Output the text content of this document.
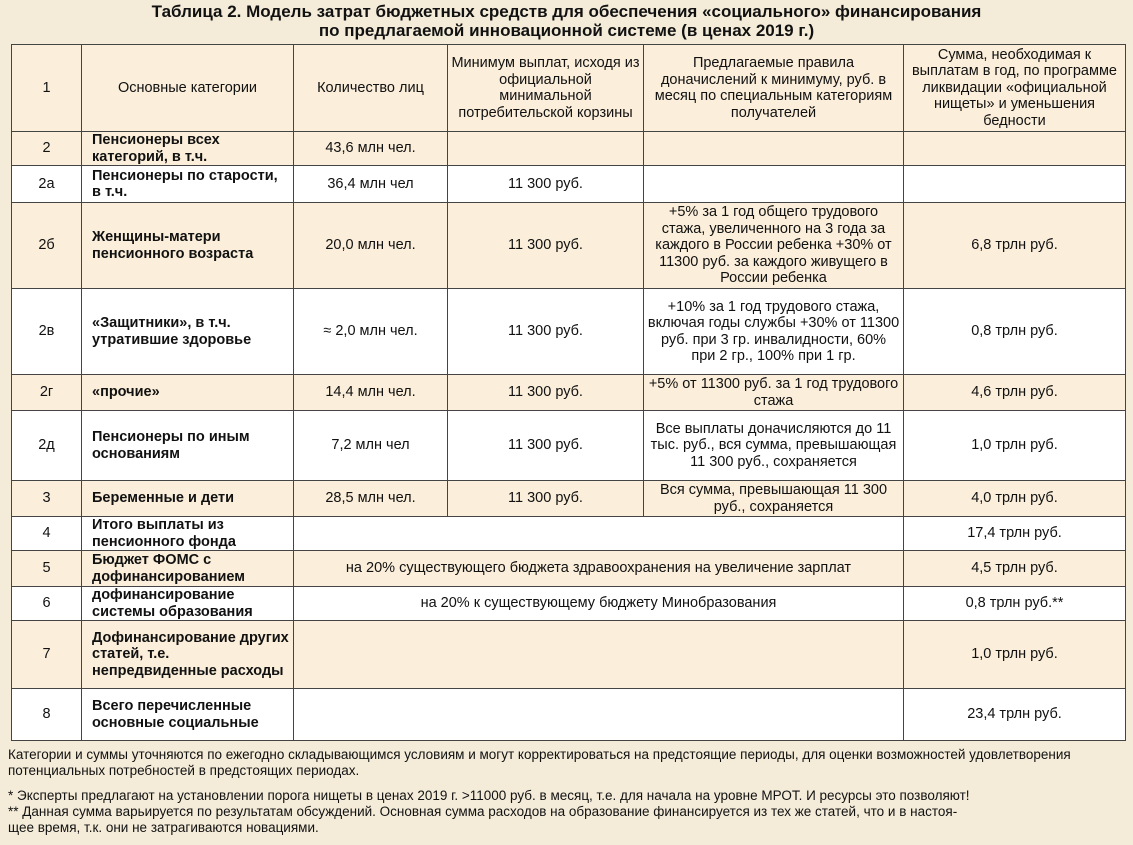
Таблица 2. Модель затрат бюджетных средств для обеспечения «социального» финансирования
по предлагаемой инновационной системе (в ценах 2019 г.)
1	Основные категории	Количество лиц	Минимум выплат, исходя из официальной минимальной потребительской корзины	Предлагаемые правила доначислений к минимуму, руб. в месяц по специальным категориям получателей	Сумма, необходимая к выплатам в год, по программе ликвидации «официальной нищеты» и уменьшения бедности
2	Пенсионеры всех категорий, в т.ч.	43,6 млн чел.			
2а	Пенсионеры по старости, в т.ч.	36,4 млн чел	11 300 руб.		
2б	Женщины-матери пенсионного возраста	20,0 млн чел.	11 300 руб.	+5% за 1 год общего трудового стажа, увеличенного на 3 года за каждого в России ребенка +30% от 11300 руб. за каждого живущего в России ребенка	6,8 трлн руб.
2в	«Защитники», в т.ч. утратившие здоровье	≈ 2,0 млн чел.	11 300 руб.	+10% за 1 год трудового стажа, включая годы службы +30% от 11300 руб. при 3 гр. инвалидности, 60% при 2 гр., 100% при 1 гр.	0,8 трлн руб.
2г	«прочие»	14,4 млн чел.	11 300 руб.	+5% от 11300 руб. за 1 год трудового стажа	4,6 трлн руб.
2д	Пенсионеры по иным основаниям	7,2 млн чел	11 300 руб.	Все выплаты доначисляются до 11 тыс. руб., вся сумма, превышающая 11 300 руб., сохраняется	1,0 трлн руб.
3	Беременные и дети	28,5 млн чел.	11 300 руб.	Вся сумма, превышающая 11 300 руб., сохраняется	4,0 трлн руб.
4	Итого выплаты из пенсионного фонда				17,4 трлн руб.
5	Бюджет ФОМС с дофинансированием	на 20% существующего бюджета здравоохранения на увеличение зарплат			4,5 трлн руб.
6	дофинансирование системы образования	на 20% к существующему бюджету Минобразования			0,8 трлн руб.**
7	Дофинансирование других статей, т.е. непредвиденные расходы				1,0 трлн руб.
8	Всего перечисленные основные социальные				23,4 трлн руб.
Категории и суммы уточняются по ежегодно складывающимся условиям и могут корректироваться на предстоящие периоды, для оценки возможностей удовлетворения потенциальных потребностей в предстоящих периодах.
* Эксперты предлагают на установлении порога нищеты в ценах 2019 г. >11000 руб. в месяц, т.е. для начала на уровне МРОТ. И ресурсы это позволяют!
** Данная сумма варьируется по результатам обсуждений. Основная сумма расходов на образование финансируется из тех же статей, что и в настоя-
щее время, т.к. они не затрагиваются новациями.
